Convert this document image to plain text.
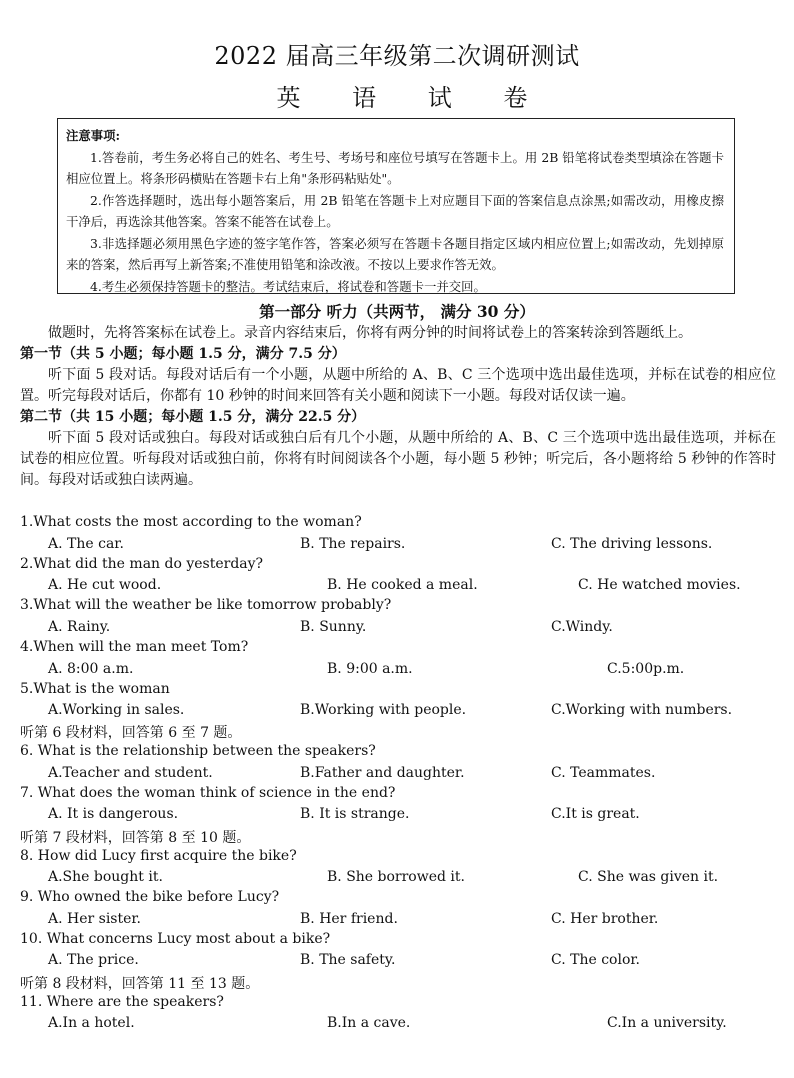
2022 届高三年级第二次调研测试
英 语 试 卷
注意事项:

1.答卷前，考生务必将自己的姓名、考生号、考场号和座位号填写在答题卡上。用 2B 铅笔将试卷类型填涂在答题卡相应位置上。将条形码横贴在答题卡右上角"条形码粘贴处"。

2.作答选择题时，选出每小题答案后，用 2B 铅笔在答题卡上对应题目下面的答案信息点涂黑;如需改动，用橡皮擦干净后，再选涂其他答案。答案不能答在试卷上。

3.非选择题必须用黑色字迹的签字笔作答，答案必须写在答题卡各题目指定区域内相应位置上;如需改动，先划掉原来的答案，然后再写上新答案;不准使用铅笔和涂改液。不按以上要求作答无效。

4.考生必须保持答题卡的整洁。考试结束后，将试卷和答题卡一并交回。

第一部分 听力（共两节， 满分 30 分）

做题时，先将答案标在试卷上。录音内容结束后，你将有两分钟的时间将试卷上的答案转涂到答题纸上。

第一节（共 5 小题；每小题 1.5 分，满分 7.5 分）

听下面 5 段对话。每段对话后有一个小题，从题中所给的 A、B、C 三个选项中选出最佳选项，并标在试卷的相应位置。听完每段对话后，你都有 10 秒钟的时间来回答有关小题和阅读下一小题。每段对话仅读一遍。

第二节（共 15 小题；每小题 1.5 分，满分 22.5 分）

听下面 5 段对话或独白。每段对话或独白后有几个小题，从题中所给的 A、B、C 三个选项中选出最佳选项，并标在试卷的相应位置。听每段对话或独白前，你将有时间阅读各个小题，每小题 5 秒钟；听完后，各小题将给 5 秒钟的作答时间。每段对话或独白读两遍。

1.What costs the most according to the woman?
A. The car.	B. The repairs.	C. The driving lessons.
2.What did the man do yesterday?
A. He cut wood.	B. He cooked a meal.	C. He watched movies.
3.What will the weather be like tomorrow probably?
A. Rainy.	B. Sunny.	C.Windy.
4.When will the man meet Tom?
A. 8:00 a.m.	B. 9:00 a.m.	C.5:00p.m.
5.What is the woman
A.Working in sales.	B.Working with people.	C.Working with numbers.
听第 6 段材料，回答第 6 至 7 题。
6. What is the relationship between the speakers?
A.Teacher and student.	B.Father and daughter.	C. Teammates.
7. What does the woman think of science in the end?
A. It is dangerous.	B. It is strange.	C.It is great.
听第 7 段材料，回答第 8 至 10 题。
8. How did Lucy first acquire the bike?
A.She bought it.	B. She borrowed it.	C. She was given it.
9. Who owned the bike before Lucy?
A. Her sister.	B. Her friend.	C. Her brother.
10. What concerns Lucy most about a bike?
A. The price.	B. The safety.	C. The color.
听第 8 段材料，回答第 11 至 13 题。
11. Where are the speakers?
A.In a hotel.	B.In a cave.	C.In a university.
